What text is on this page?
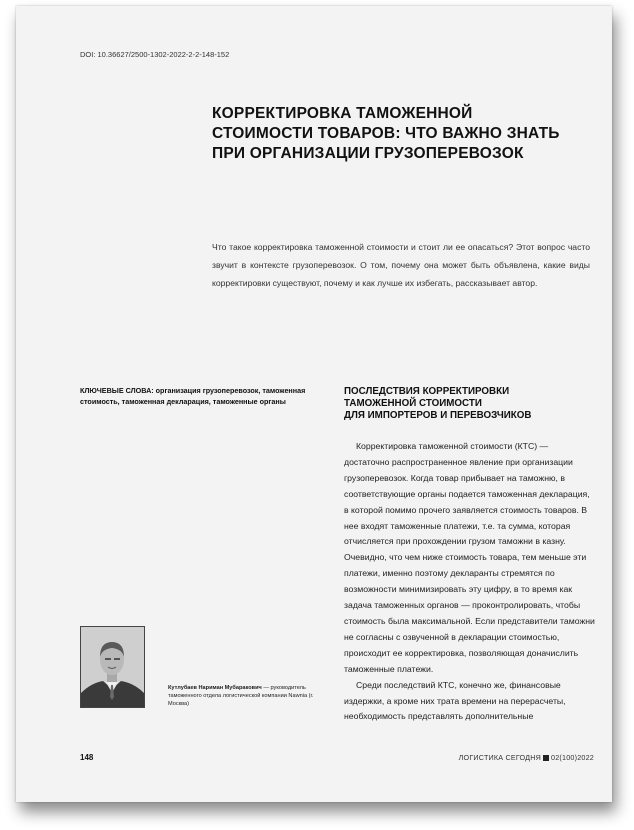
DOI: 10.36627/2500-1302-2022-2-2-148-152
КОРРЕКТИРОВКА ТАМОЖЕННОЙ
СТОИМОСТИ ТОВАРОВ: ЧТО ВАЖНО ЗНАТЬ
ПРИ ОРГАНИЗАЦИИ ГРУЗОПЕРЕВОЗОК

Что такое корректировка таможенной стоимости и стоит ли ее опасаться? Этот вопрос часто звучит в контексте грузоперевозок. О том, почему она может быть объявлена, какие виды корректировки существуют, почему и как лучше их избегать, рассказывает автор.

КЛЮЧЕВЫЕ СЛОВА: организация грузоперевозок, таможенная стоимость, таможенная декларация, таможенные органы
ПОСЛЕДСТВИЯ КОРРЕКТИРОВКИ
ТАМОЖЕННОЙ СТОИМОСТИ
ДЛЯ ИМПОРТЕРОВ И ПЕРЕВОЗЧИКОВ

Корректировка таможенной стоимости (КТС) — достаточно распространенное явление при организации грузоперевозок. Когда товар прибывает на таможню, в соответствующие органы подается таможенная декларация, в которой помимо прочего заявляется стоимость товаров. В нее входят таможенные платежи, т.е. та сумма, которая отчисляется при прохождении грузом таможни в казну. Очевидно, что чем ниже стоимость товара, тем меньше эти платежи, именно поэтому декларанты стремятся по возможности минимизировать эту цифру, в то время как задача таможенных органов — проконтролировать, чтобы стоимость была максимальной. Если представители таможни не согласны с озвученной в декларации стоимостью, происходит ее корректировка, позволяющая доначислить таможенные платежи.

Среди последствий КТС, конечно же, финансовые издержки, а кроме них трата времени на перерасчеты, необходимость представлять дополнительные

Кутлубаев Нариман Мубаракович — руководитель таможенного отдела логистической компании Nawnia (г. Москва)
148	ЛОГИСТИКА СЕГОДНЯ 02(100)2022
